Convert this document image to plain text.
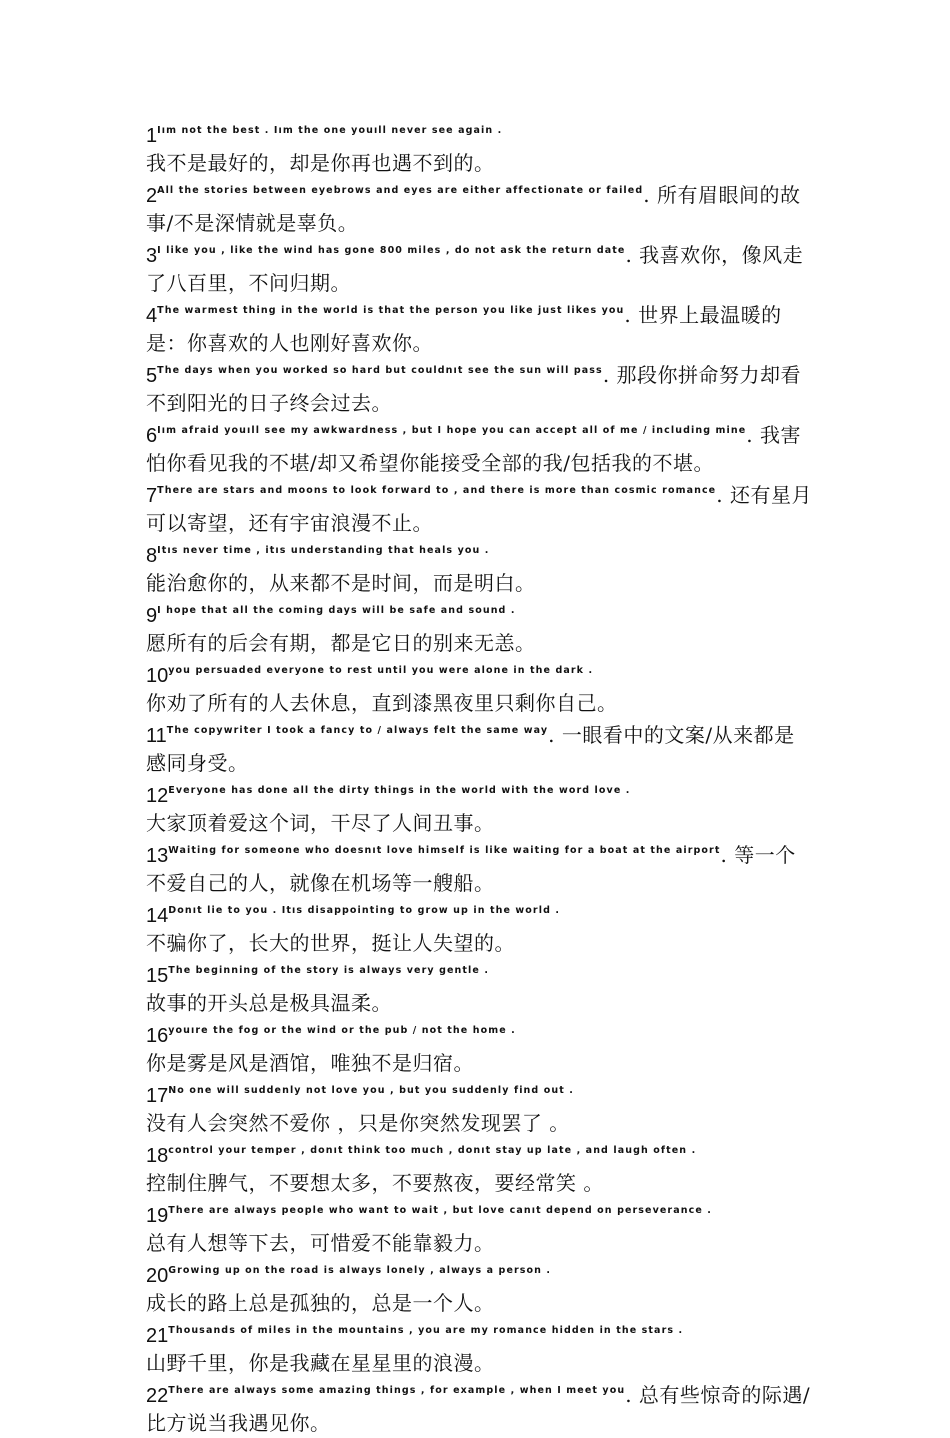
$1^{Iım not the best . Iım the one youıll never see again .}$
我不是最好的，却是你再也遇不到的。
$2^{All the stories between eyebrows and eyes are either affectionate or failed}$. 所有眉眼间的故事/不是深情就是辜负。
$3^{I like you , like the wind has gone 800 miles , do not ask the return date}$. 我喜欢你，像风走了八百里，不问归期。
$4^{The warmest thing in the world is that the person you like just likes you}$. 世界上最温暖的是：你喜欢的人也刚好喜欢你。
$5^{The days when you worked so hard but couldnıt see the sun will pass}$. 那段你拼命努力却看不到阳光的日子终会过去。
$6^{Iım afraid youıll see my awkwardness , but I hope you can accept all of me / including mine}$. 我害怕你看见我的不堪/却又希望你能接受全部的我/包括我的不堪。
$7^{There are stars and moons to look forward to , and there is more than cosmic romance}$. 还有星月可以寄望，还有宇宙浪漫不止。
$8^{Itıs never time , itıs understanding that heals you .}$
能治愈你的，从来都不是时间，而是明白。
$9^{I hope that all the coming days will be safe and sound .}$
愿所有的后会有期，都是它日的别来无恙。
$10^{you persuaded everyone to rest until you were alone in the dark .}$
你劝了所有的人去休息，直到漆黑夜里只剩你自己。
$11^{The copywriter I took a fancy to / always felt the same way}$. 一眼看中的文案/从来都是感同身受。
$12^{Everyone has done all the dirty things in the world with the word love .}$
大家顶着爱这个词，干尽了人间丑事。
$13^{Waiting for someone who doesnıt love himself is like waiting for a boat at the airport}$. 等一个不爱自己的人，就像在机场等一艘船。
$14^{Donıt lie to you . Itıs disappointing to grow up in the world .}$
不骗你了，长大的世界，挺让人失望的。
$15^{The beginning of the story is always very gentle .}$
故事的开头总是极具温柔。
$16^{youıre the fog or the wind or the pub / not the home .}$
你是雾是风是酒馆，唯独不是归宿。
$17^{No one will suddenly not love you , but you suddenly find out .}$
没有人会突然不爱你 ，只是你突然发现罢了 。
$18^{control your temper , donıt think too much , donıt stay up late , and laugh often .}$
控制住脾气，不要想太多，不要熬夜，要经常笑 。
$19^{There are always people who want to wait , but love canıt depend on perseverance .}$
总有人想等下去，可惜爱不能靠毅力。
$20^{Growing up on the road is always lonely , always a person .}$
成长的路上总是孤独的，总是一个人。
$21^{Thousands of miles in the mountains , you are my romance hidden in the stars .}$
山野千里，你是我藏在星星里的浪漫。
$22^{There are always some amazing things , for example , when I meet you}$. 总有些惊奇的际遇/比方说当我遇见你。
